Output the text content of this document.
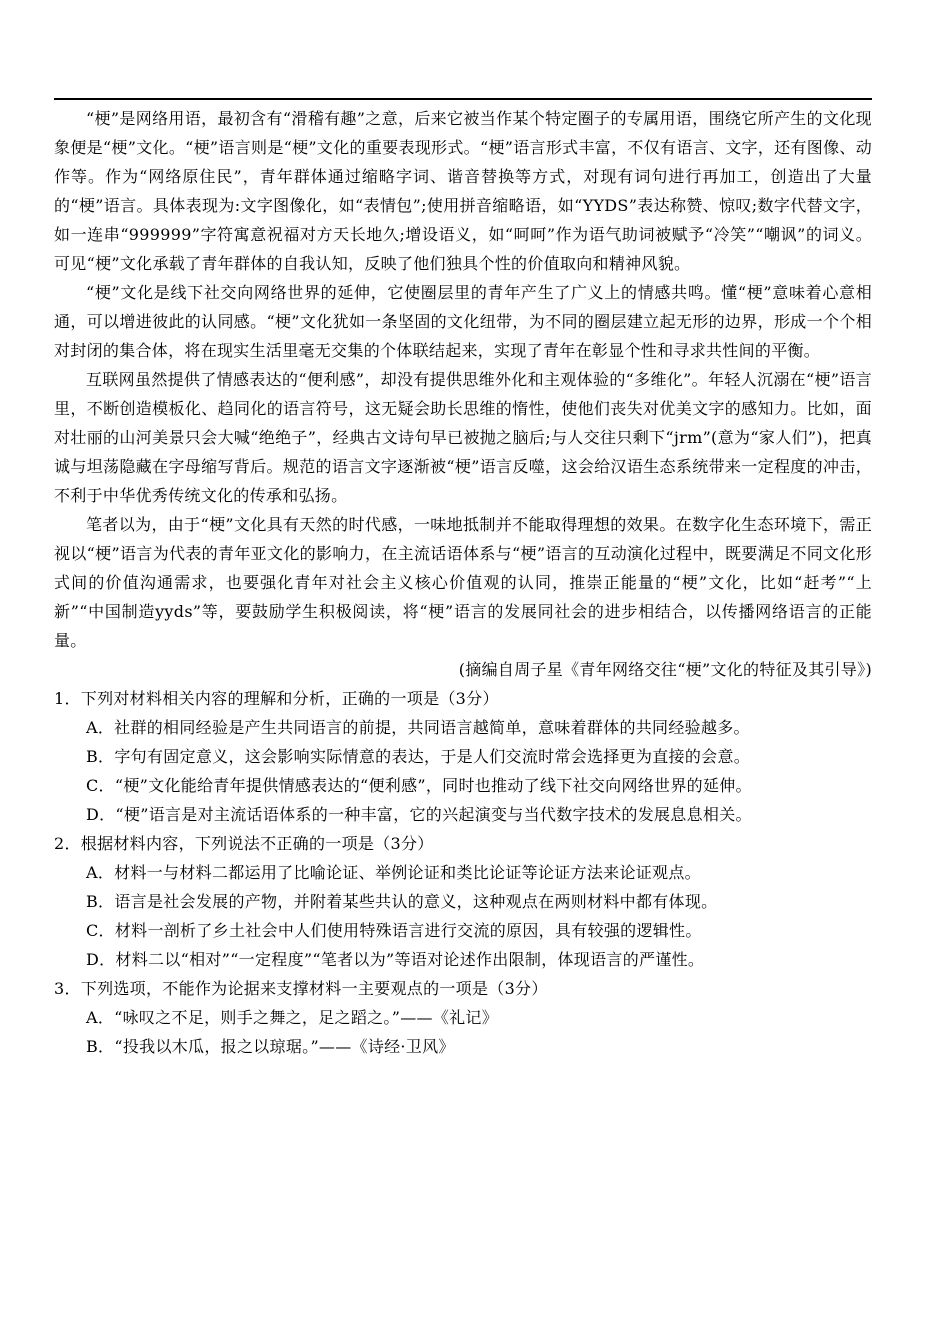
“梗”是网络用语，最初含有“滑稽有趣”之意，后来它被当作某个特定圈子的专属用语，围绕它所产生的文化现象便是“梗”文化。“梗”语言则是“梗”文化的重要表现形式。“梗”语言形式丰富，不仅有语言、文字，还有图像、动作等。作为“网络原住民”，青年群体通过缩略字词、谐音替换等方式，对现有词句进行再加工，创造出了大量的“梗”语言。具体表现为:文字图像化，如“表情包”;使用拼音缩略语，如“YYDS”表达称赞、惊叹;数字代替文字，如一连串“999999”字符寓意祝福对方天长地久;增设语义，如“呵呵”作为语气助词被赋予“冷笑”“嘲讽”的词义。可见“梗”文化承载了青年群体的自我认知，反映了他们独具个性的价值取向和精神风貌。

“梗”文化是线下社交向网络世界的延伸，它使圈层里的青年产生了广义上的情感共鸣。懂“梗”意味着心意相通，可以增进彼此的认同感。“梗”文化犹如一条坚固的文化纽带，为不同的圈层建立起无形的边界，形成一个个相对封闭的集合体，将在现实生活里毫无交集的个体联结起来，实现了青年在彰显个性和寻求共性间的平衡。

互联网虽然提供了情感表达的“便利感”，却没有提供思维外化和主观体验的“多维化”。年轻人沉溺在“梗”语言里，不断创造模板化、趋同化的语言符号，这无疑会助长思维的惰性，使他们丧失对优美文字的感知力。比如，面对壮丽的山河美景只会大喊“绝绝子”，经典古文诗句早已被抛之脑后;与人交往只剩下“jrm”(意为“家人们”)，把真诚与坦荡隐藏在字母缩写背后。规范的语言文字逐渐被“梗”语言反噬，这会给汉语生态系统带来一定程度的冲击，不利于中华优秀传统文化的传承和弘扬。

笔者以为，由于“梗”文化具有天然的时代感，一味地抵制并不能取得理想的效果。在数字化生态环境下，需正视以“梗”语言为代表的青年亚文化的影响力，在主流话语体系与“梗”语言的互动演化过程中，既要满足不同文化形式间的价值沟通需求，也要强化青年对社会主义核心价值观的认同，推崇正能量的“梗”文化，比如“赶考”“上新”“中国制造yyds”等，要鼓励学生积极阅读，将“梗”语言的发展同社会的进步相结合，以传播网络语言的正能量。

(摘编自周子星《青年网络交往“梗”文化的特征及其引导》)

1．下列对材料相关内容的理解和分析，正确的一项是（3分）

A．社群的相同经验是产生共同语言的前提，共同语言越简单，意味着群体的共同经验越多。

B．字句有固定意义，这会影响实际情意的表达，于是人们交流时常会选择更为直接的会意。

C．“梗”文化能给青年提供情感表达的“便利感”，同时也推动了线下社交向网络世界的延伸。

D．“梗”语言是对主流话语体系的一种丰富，它的兴起演变与当代数字技术的发展息息相关。

2．根据材料内容，下列说法不正确的一项是（3分）

A．材料一与材料二都运用了比喻论证、举例论证和类比论证等论证方法来论证观点。

B．语言是社会发展的产物，并附着某些共认的意义，这种观点在两则材料中都有体现。

C．材料一剖析了乡土社会中人们使用特殊语言进行交流的原因，具有较强的逻辑性。

D．材料二以“相对”“一定程度”“笔者以为”等语对论述作出限制，体现语言的严谨性。

3．下列选项，不能作为论据来支撑材料一主要观点的一项是（3分）

A．“咏叹之不足，则手之舞之，足之蹈之。”——《礼记》

B．“投我以木瓜，报之以琼琚。”——《诗经·卫风》
